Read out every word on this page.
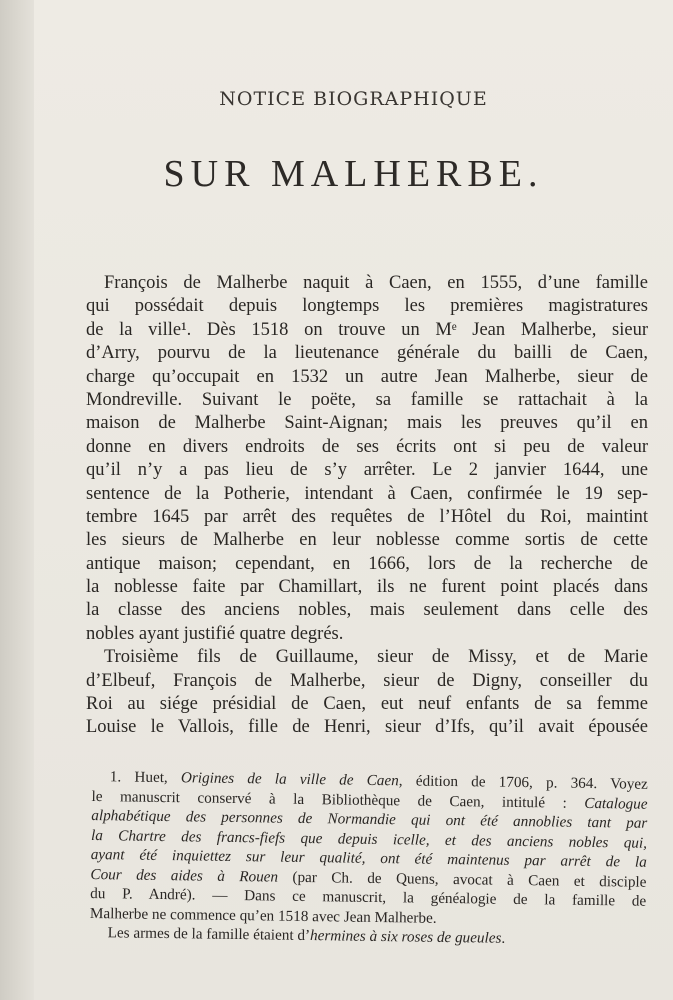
NOTICE BIOGRAPHIQUE
SUR MALHERBE.
François de Malherbe naquit à Caen, en 1555, d’une famille
qui possédait depuis longtemps les premières magistratures
de la ville¹. Dès 1518 on trouve un Mᵉ Jean Malherbe, sieur
d’Arry, pourvu de la lieutenance générale du bailli de Caen,
charge qu’occupait en 1532 un autre Jean Malherbe, sieur de
Mondreville. Suivant le poëte, sa famille se rattachait à la
maison de Malherbe Saint-Aignan; mais les preuves qu’il en
donne en divers endroits de ses écrits ont si peu de valeur
qu’il n’y a pas lieu de s’y arrêter. Le 2 janvier 1644, une
sentence de la Potherie, intendant à Caen, confirmée le 19 sep-
tembre 1645 par arrêt des requêtes de l’Hôtel du Roi, maintint
les sieurs de Malherbe en leur noblesse comme sortis de cette
antique maison; cependant, en 1666, lors de la recherche de
la noblesse faite par Chamillart, ils ne furent point placés dans
la classe des anciens nobles, mais seulement dans celle des
nobles ayant justifié quatre degrés.
Troisième fils de Guillaume, sieur de Missy, et de Marie
d’Elbeuf, François de Malherbe, sieur de Digny, conseiller du
Roi au siége présidial de Caen, eut neuf enfants de sa femme
Louise le Vallois, fille de Henri, sieur d’Ifs, qu’il avait épousée
1. Huet, Origines de la ville de Caen, édition de 1706, p. 364. Voyez
le manuscrit conservé à la Bibliothèque de Caen, intitulé : Catalogue
alphabétique des personnes de Normandie qui ont été annoblies tant par
la Chartre des francs-fiefs que depuis icelle, et des anciens nobles qui,
ayant été inquiettez sur leur qualité, ont été maintenus par arrêt de la
Cour des aides à Rouen (par Ch. de Quens, avocat à Caen et disciple
du P. André). — Dans ce manuscrit, la généalogie de la famille de
Malherbe ne commence qu’en 1518 avec Jean Malherbe.
Les armes de la famille étaient d’hermines à six roses de gueules.
